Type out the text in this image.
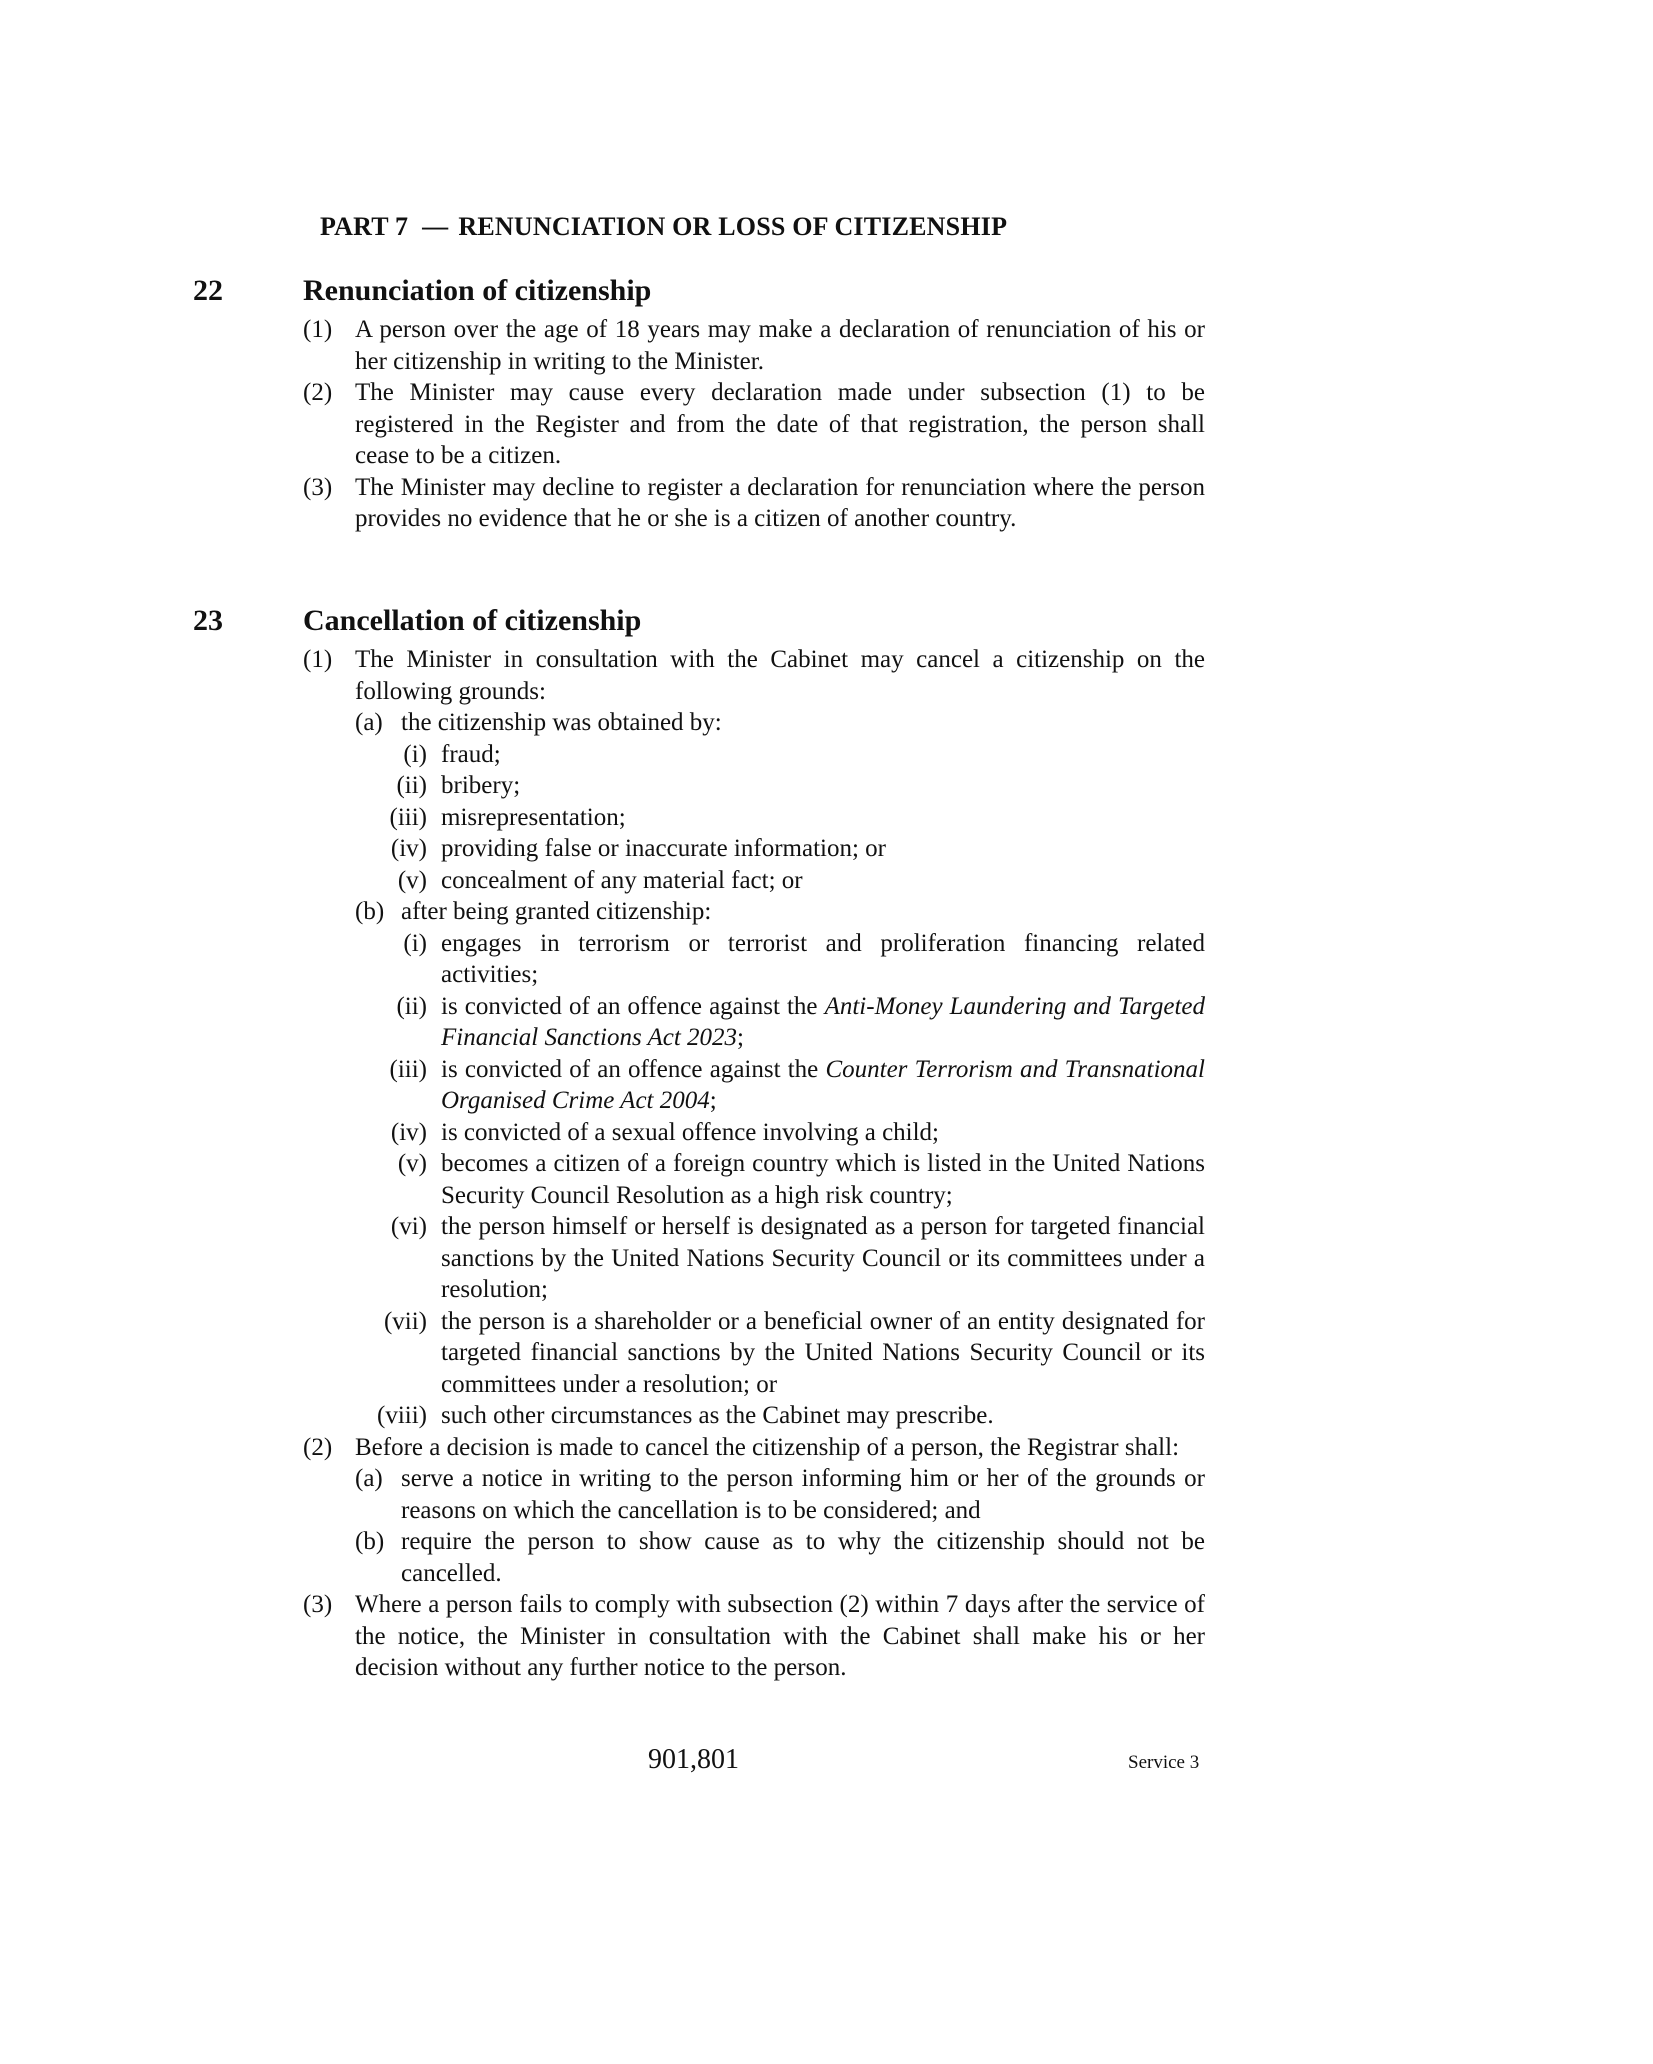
PART 7 — RENUNCIATION OR LOSS OF CITIZENSHIP
22	Renunciation of citizenship
(1) A person over the age of 18 years may make a declaration of renunciation of his or her citizenship in writing to the Minister.
(2) The Minister may cause every declaration made under subsection (1) to be registered in the Register and from the date of that registration, the person shall cease to be a citizen.
(3) The Minister may decline to register a declaration for renunciation where the person provides no evidence that he or she is a citizen of another country.
23	Cancellation of citizenship
(1) The Minister in consultation with the Cabinet may cancel a citizenship on the following grounds:
(a) the citizenship was obtained by:
(i) fraud;
(ii) bribery;
(iii) misrepresentation;
(iv) providing false or inaccurate information; or
(v) concealment of any material fact; or
(b) after being granted citizenship:
(i) engages in terrorism or terrorist and proliferation financing related activities;
(ii) is convicted of an offence against the Anti-Money Laundering and Targeted Financial Sanctions Act 2023;
(iii) is convicted of an offence against the Counter Terrorism and Transnational Organised Crime Act 2004;
(iv) is convicted of a sexual offence involving a child;
(v) becomes a citizen of a foreign country which is listed in the United Nations Security Council Resolution as a high risk country;
(vi) the person himself or herself is designated as a person for targeted financial sanctions by the United Nations Security Council or its committees under a resolution;
(vii) the person is a shareholder or a beneficial owner of an entity designated for targeted financial sanctions by the United Nations Security Council or its committees under a resolution; or
(viii) such other circumstances as the Cabinet may prescribe.
(2) Before a decision is made to cancel the citizenship of a person, the Registrar shall:
(a) serve a notice in writing to the person informing him or her of the grounds or reasons on which the cancellation is to be considered; and
(b) require the person to show cause as to why the citizenship should not be cancelled.
(3) Where a person fails to comply with subsection (2) within 7 days after the service of the notice, the Minister in consultation with the Cabinet shall make his or her decision without any further notice to the person.
901,801	Service 3
